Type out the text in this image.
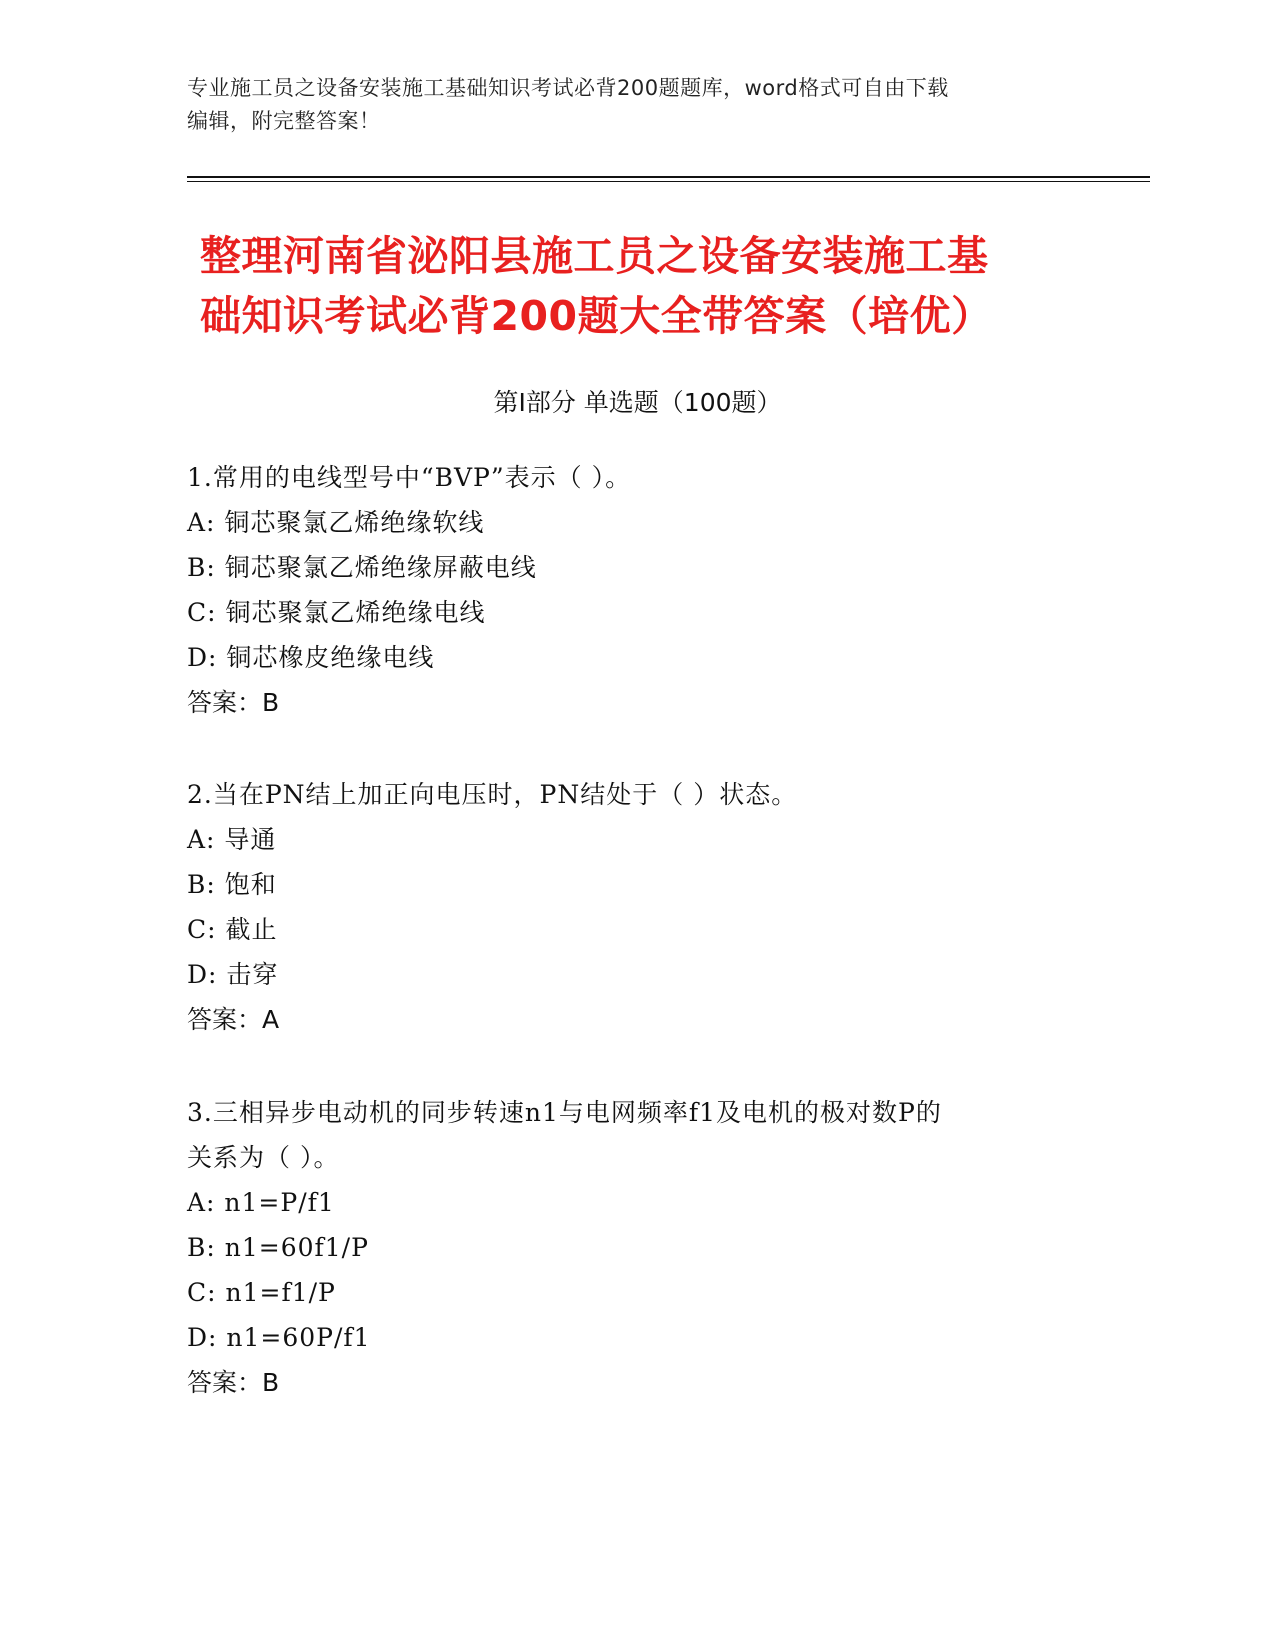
专业施工员之设备安装施工基础知识考试必背200题题库，word格式可自由下载
编辑，附完整答案！
整理河南省泌阳县施工员之设备安装施工基
础知识考试必背200题大全带答案（培优）
第Ⅰ部分 单选题（100题）
1.常用的电线型号中“BVP”表示（ ）。
A: 铜芯聚氯乙烯绝缘软线
B: 铜芯聚氯乙烯绝缘屏蔽电线
C: 铜芯聚氯乙烯绝缘电线
D: 铜芯橡皮绝缘电线
答案：B
2.当在PN结上加正向电压时，PN结处于（ ）状态。
A: 导通
B: 饱和
C: 截止
D: 击穿
答案：A
3.三相异步电动机的同步转速n1与电网频率f1及电机的极对数P的
关系为（ ）。
A: n1=P/f1
B: n1=60f1/P
C: n1=f1/P
D: n1=60P/f1
答案：B
